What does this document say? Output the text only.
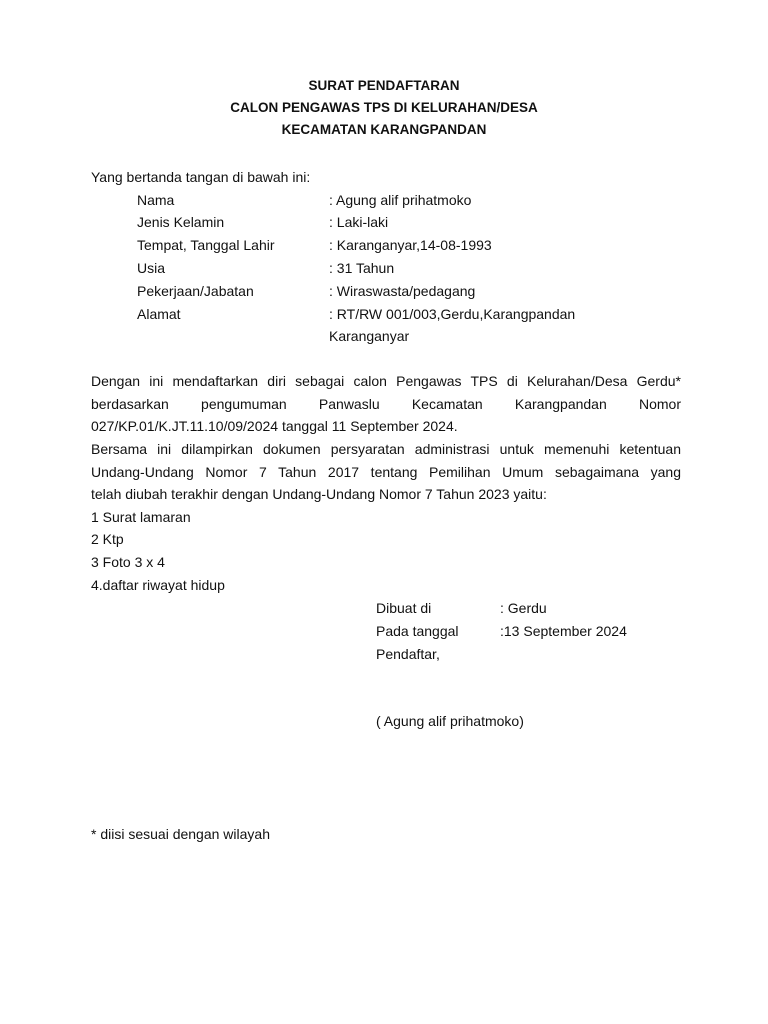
SURAT PENDAFTARAN
CALON PENGAWAS TPS DI KELURAHAN/DESA
KECAMATAN KARANGPANDAN
Yang bertanda tangan di bawah ini:
Nama	: Agung alif prihatmoko
Jenis Kelamin	: Laki-laki
Tempat, Tanggal Lahir	: Karanganyar,14-08-1993
Usia	: 31 Tahun
Pekerjaan/Jabatan	: Wiraswasta/pedagang
Alamat	: RT/RW 001/003,Gerdu,Karangpandan
Karanganyar
Dengan ini mendaftarkan diri sebagai calon Pengawas TPS di Kelurahan/Desa Gerdu*
berdasarkan pengumuman Panwaslu Kecamatan Karangpandan Nomor
027/KP.01/K.JT.11.10/09/2024 tanggal 11 September 2024.
Bersama ini dilampirkan dokumen persyaratan administrasi untuk memenuhi ketentuan
Undang-Undang Nomor 7 Tahun 2017 tentang Pemilihan Umum sebagaimana yang
telah diubah terakhir dengan Undang-Undang Nomor 7 Tahun 2023 yaitu:
1 Surat lamaran
2 Ktp
3 Foto 3 x 4
4.daftar riwayat hidup
Dibuat di	: Gerdu
Pada tanggal	:13 September 2024
Pendaftar,
( Agung alif prihatmoko)
* diisi sesuai dengan wilayah
